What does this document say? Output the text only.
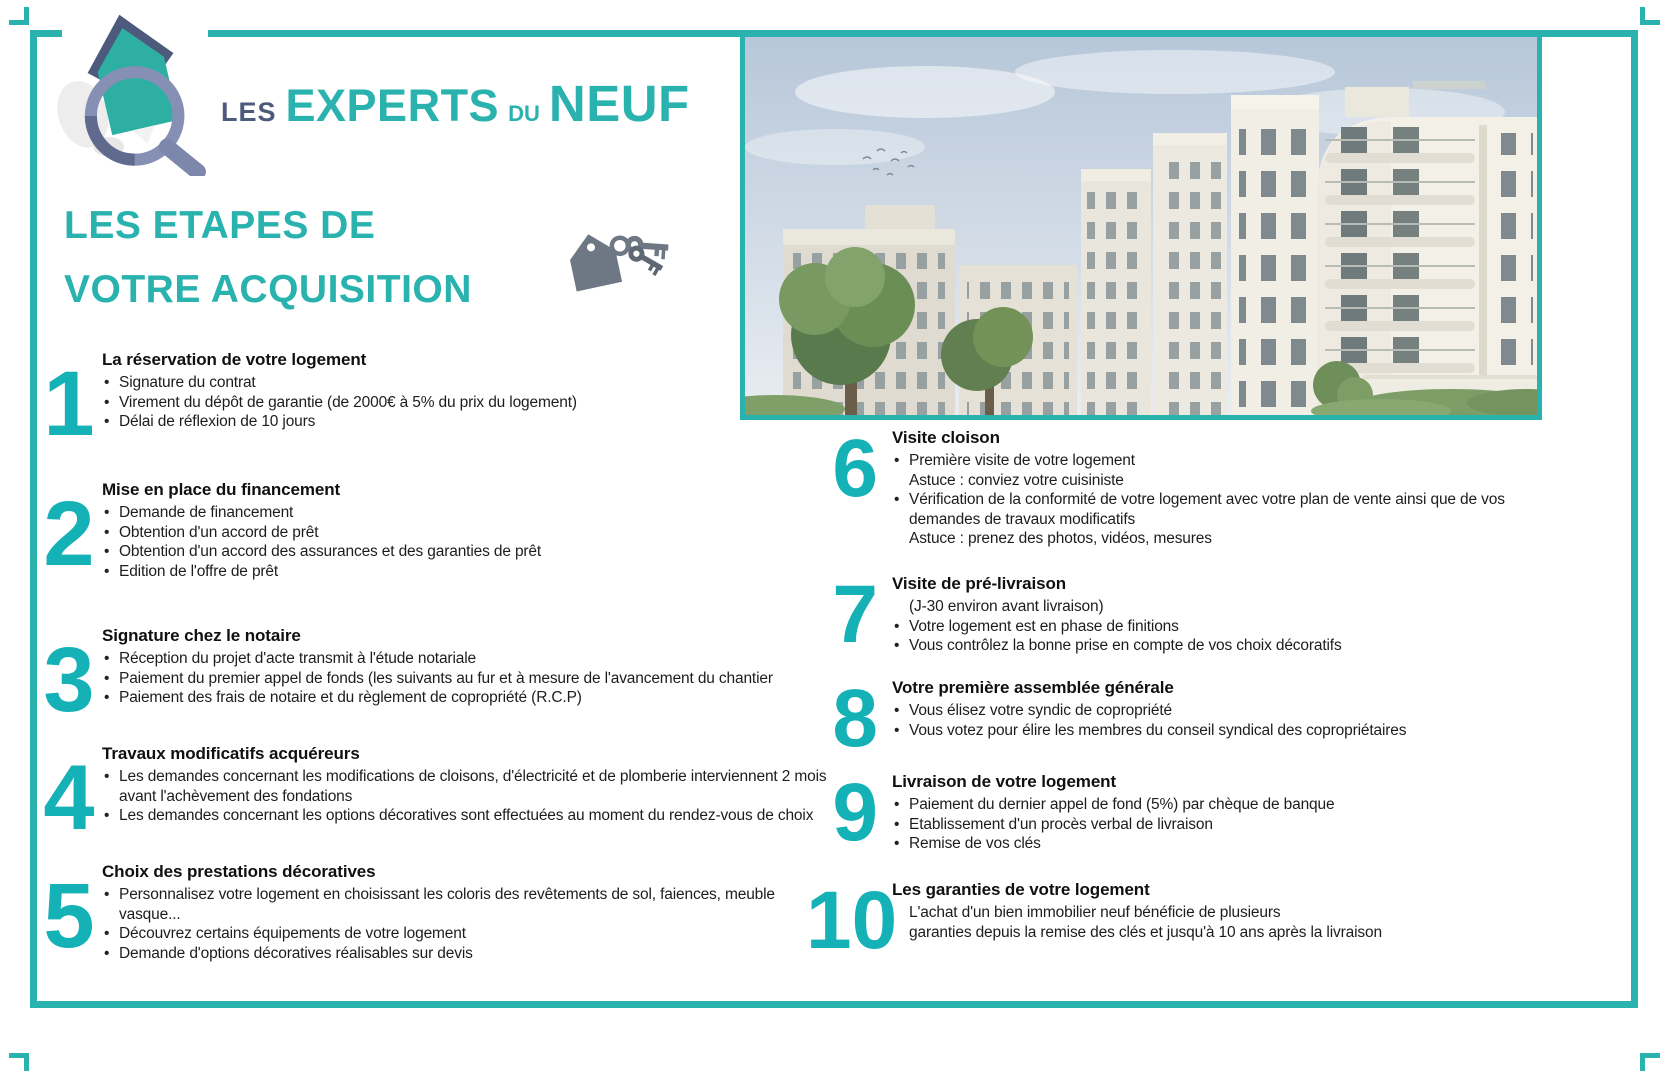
LES EXPERTS DU NEUF
LES ETAPES DE
VOTRE ACQUISITION
1 La réservation de votre logement
• Signature du contrat
• Virement du dépôt de garantie (de 2000€ à 5% du prix du logement)
• Délai de réflexion de 10 jours
2 Mise en place du financement
• Demande de financement
• Obtention d'un accord de prêt
• Obtention d'un accord des assurances et des garanties de prêt
• Edition de l'offre de prêt
3 Signature chez le notaire
• Réception du projet d'acte transmit à l'étude notariale
• Paiement du premier appel de fonds (les suivants au fur et à mesure de l'avancement du chantier
• Paiement des frais de notaire et du règlement de copropriété (R.C.P)
4 Travaux modificatifs acquéreurs
• Les demandes concernant les modifications de cloisons, d'électricité et de plomberie interviennent 2 mois avant l'achèvement des fondations
• Les demandes concernant les options décoratives sont effectuées au moment du rendez-vous de choix
5 Choix des prestations décoratives
• Personnalisez votre logement en choisissant les coloris des revêtements de sol, faiences, meuble vasque...
• Découvrez certains équipements de votre logement
• Demande d'options décoratives réalisables sur devis
6 Visite cloison
• Première visite de votre logement
Astuce : conviez votre cuisiniste
• Vérification de la conformité de votre logement avec votre plan de vente ainsi que de vos demandes de travaux modificatifs
Astuce : prenez des photos, vidéos, mesures
7 Visite de pré-livraison
(J-30 environ avant livraison)
• Votre logement est en phase de finitions
• Vous contrôlez la bonne prise en compte de vos choix décoratifs
8 Votre première assemblée générale
• Vous élisez votre syndic de copropriété
• Vous votez pour élire les membres du conseil syndical des copropriétaires
9 Livraison de votre logement
• Paiement du dernier appel de fond (5%) par chèque de banque
• Etablissement d'un procès verbal de livraison
• Remise de vos clés
10
Les garanties de votre logement
L'achat d'un bien immobilier neuf bénéficie de plusieurs
garanties depuis la remise des clés et jusqu'à 10 ans après la livraison
